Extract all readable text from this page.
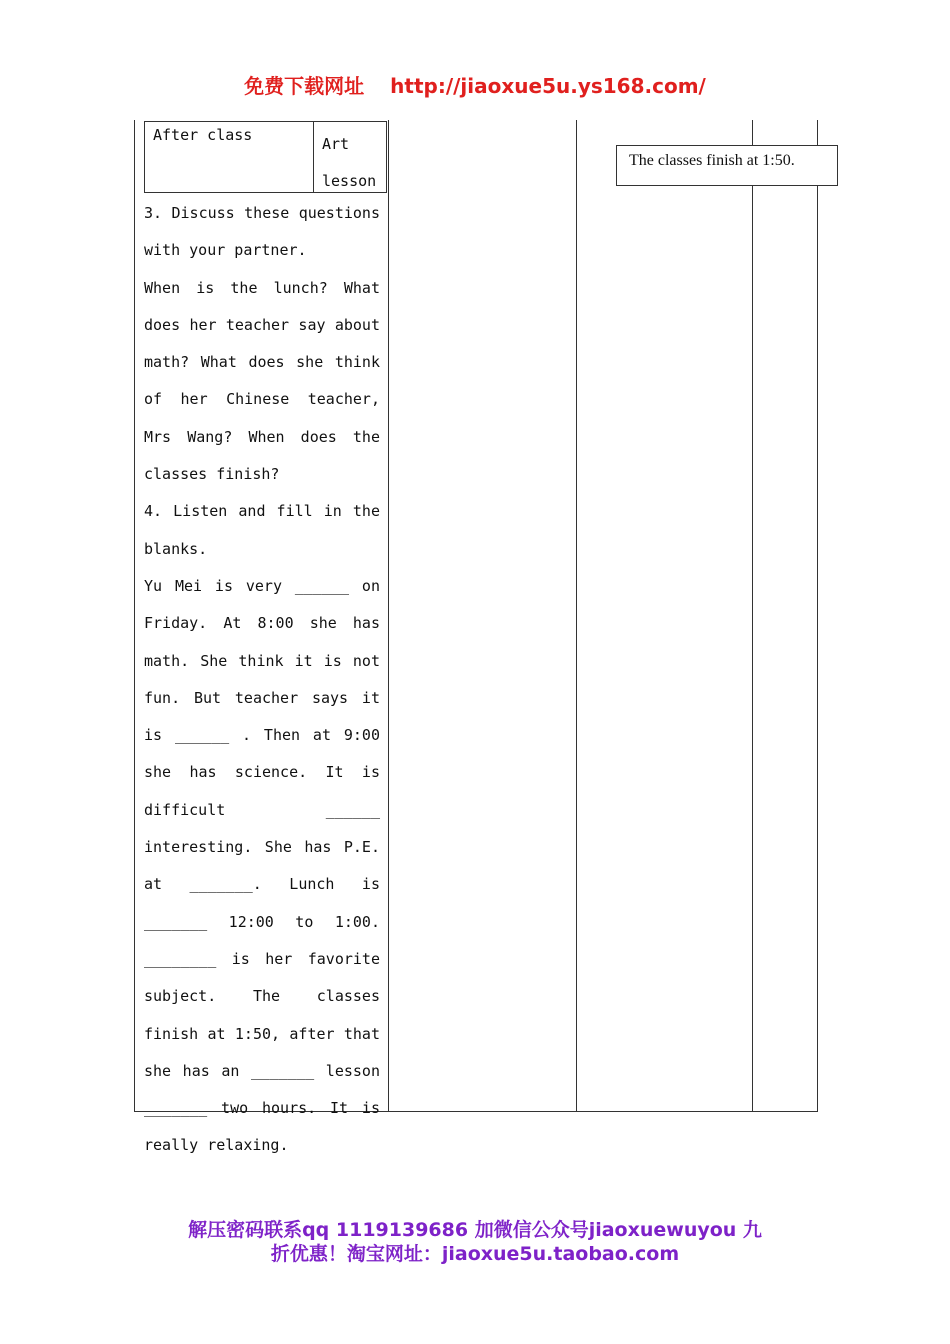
免费下载网址 http://jiaoxue5u.ys168.com/
After class	Art lesson
The classes finish at 1:50.

3. Discuss these questions with your partner.

When is the lunch? What does her teacher say about math? What does she think of her Chinese teacher, Mrs Wang? When does the classes finish?

4. Listen and fill in the blanks.

Yu Mei is very ______ on Friday. At 8:00 she has math. She think it is not fun. But teacher says it is ______ . Then at 9:00 she has science. It is difficult ______ interesting. She has P.E. at _______. Lunch is _______ 12:00 to 1:00. ________ is her favorite subject. The classes finish at 1:50, after that she has an _______ lesson _______ two hours. It is really relaxing.

解压密码联系qq 1119139686 加微信公众号jiaoxuewuyou 九
折优惠！淘宝网址：jiaoxue5u.taobao.com
